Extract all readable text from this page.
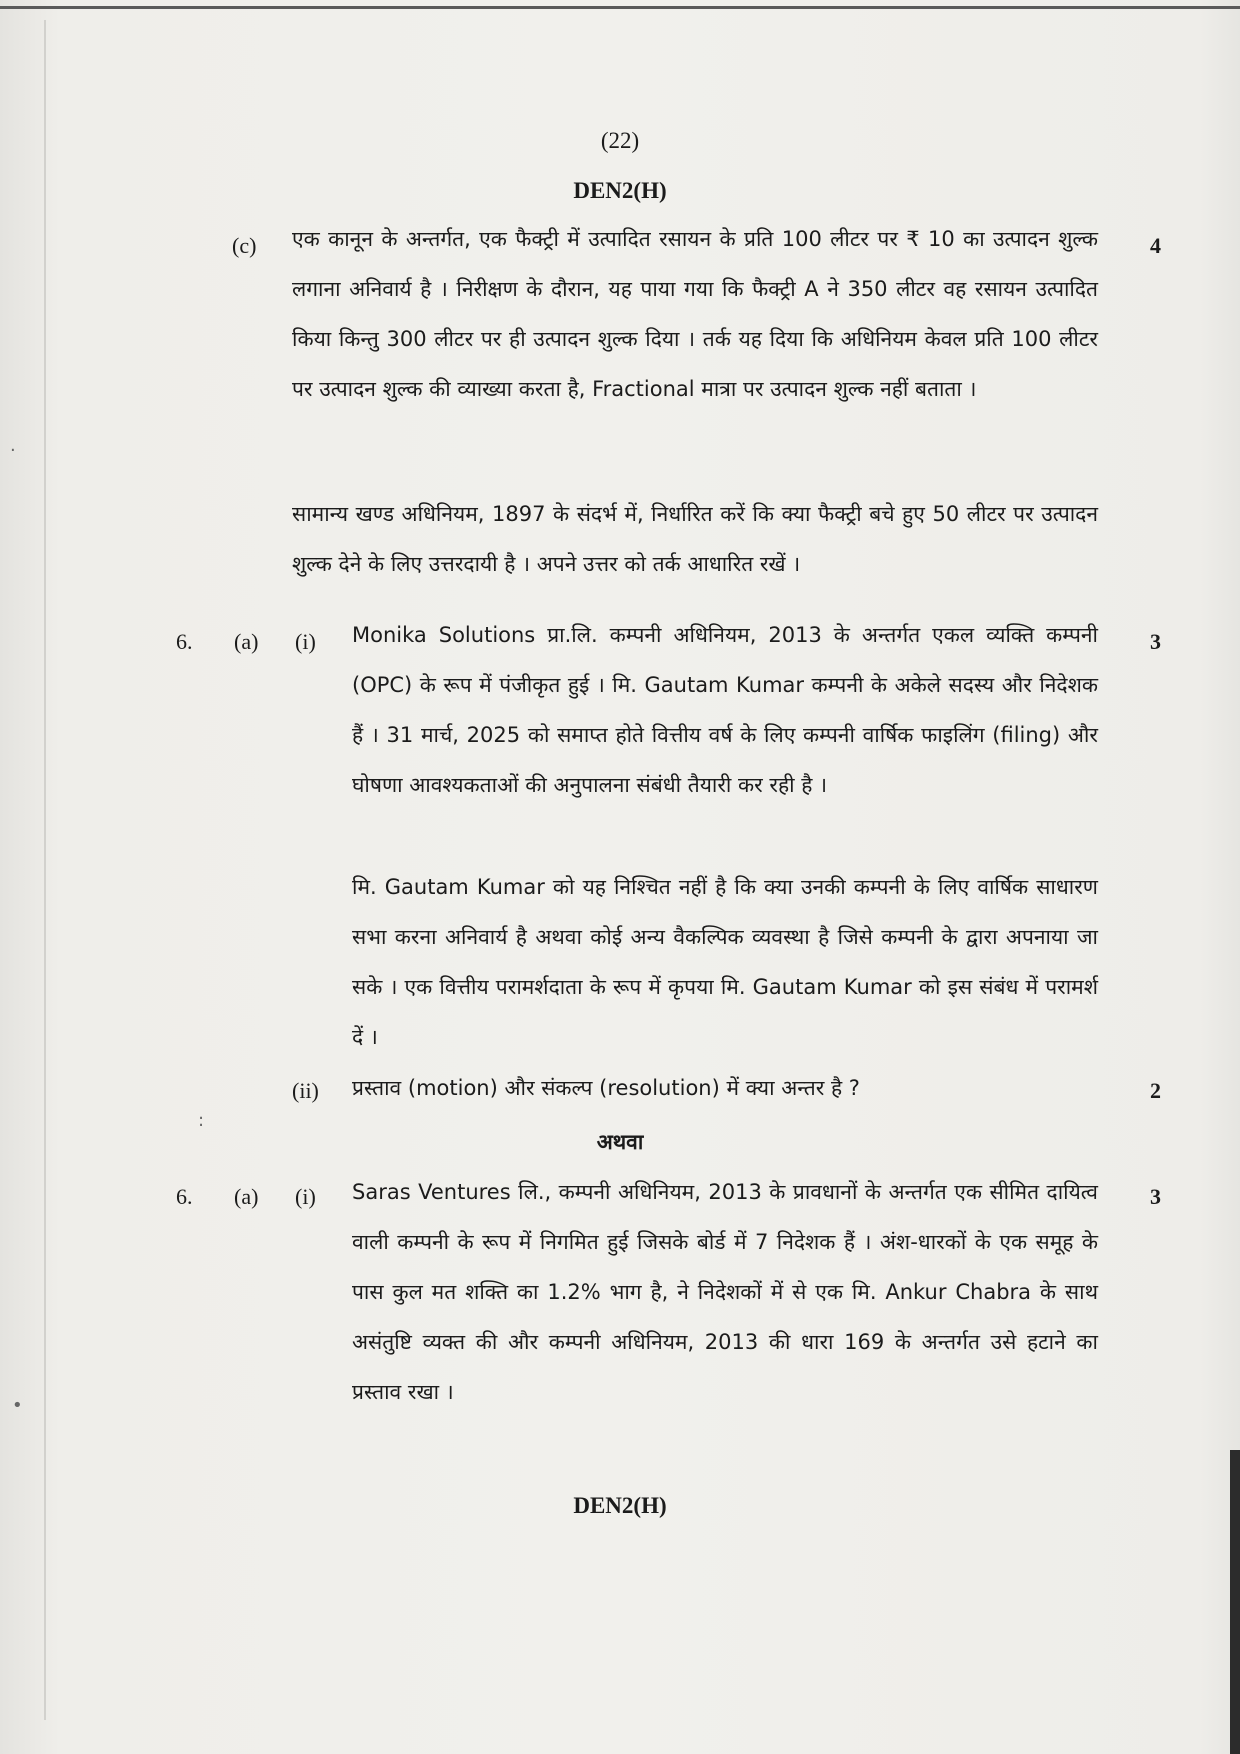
·
:
•
(22)
DEN2(H)
(c)	4
एक कानून के अन्तर्गत, एक फैक्ट्री में उत्पादित रसायन के प्रति 100 लीटर पर ₹ 10 का उत्पादन शुल्क लगाना अनिवार्य है । निरीक्षण के दौरान, यह पाया गया कि फैक्ट्री A ने 350 लीटर वह रसायन उत्पादित किया किन्तु 300 लीटर पर ही उत्पादन शुल्क दिया । तर्क यह दिया कि अधिनियम केवल प्रति 100 लीटर पर उत्पादन शुल्क की व्याख्या करता है, Fractional मात्रा पर उत्पादन शुल्क नहीं बताता ।
सामान्य खण्ड अधिनियम, 1897 के संदर्भ में, निर्धारित करें कि क्या फैक्ट्री बचे हुए 50 लीटर पर उत्पादन शुल्क देने के लिए उत्तरदायी है । अपने उत्तर को तर्क आधारित रखें ।
6. (a) (i)	3
Monika Solutions प्रा.लि. कम्पनी अधिनियम, 2013 के अन्तर्गत एकल व्यक्ति कम्पनी (OPC) के रूप में पंजीकृत हुई । मि. Gautam Kumar कम्पनी के अकेले सदस्य और निदेशक हैं । 31 मार्च, 2025 को समाप्त होते वित्तीय वर्ष के लिए कम्पनी वार्षिक फाइलिंग (filing) और घोषणा आवश्यकताओं की अनुपालना संबंधी तैयारी कर रही है ।
मि. Gautam Kumar को यह निश्चित नहीं है कि क्या उनकी कम्पनी के लिए वार्षिक साधारण सभा करना अनिवार्य है अथवा कोई अन्य वैकल्पिक व्यवस्था है जिसे कम्पनी के द्वारा अपनाया जा सके । एक वित्तीय परामर्शदाता के रूप में कृपया मि. Gautam Kumar को इस संबंध में परामर्श दें ।
(ii)	2
प्रस्ताव (motion) और संकल्प (resolution) में क्या अन्तर है ?
अथवा
6. (a) (i)	3
Saras Ventures लि., कम्पनी अधिनियम, 2013 के प्रावधानों के अन्तर्गत एक सीमित दायित्व वाली कम्पनी के रूप में निगमित हुई जिसके बोर्ड में 7 निदेशक हैं । अंश-धारकों के एक समूह के पास कुल मत शक्ति का 1.2% भाग है, ने निदेशकों में से एक मि. Ankur Chabra के साथ असंतुष्टि व्यक्त की और कम्पनी अधिनियम, 2013 की धारा 169 के अन्तर्गत उसे हटाने का प्रस्ताव रखा ।
DEN2(H)
